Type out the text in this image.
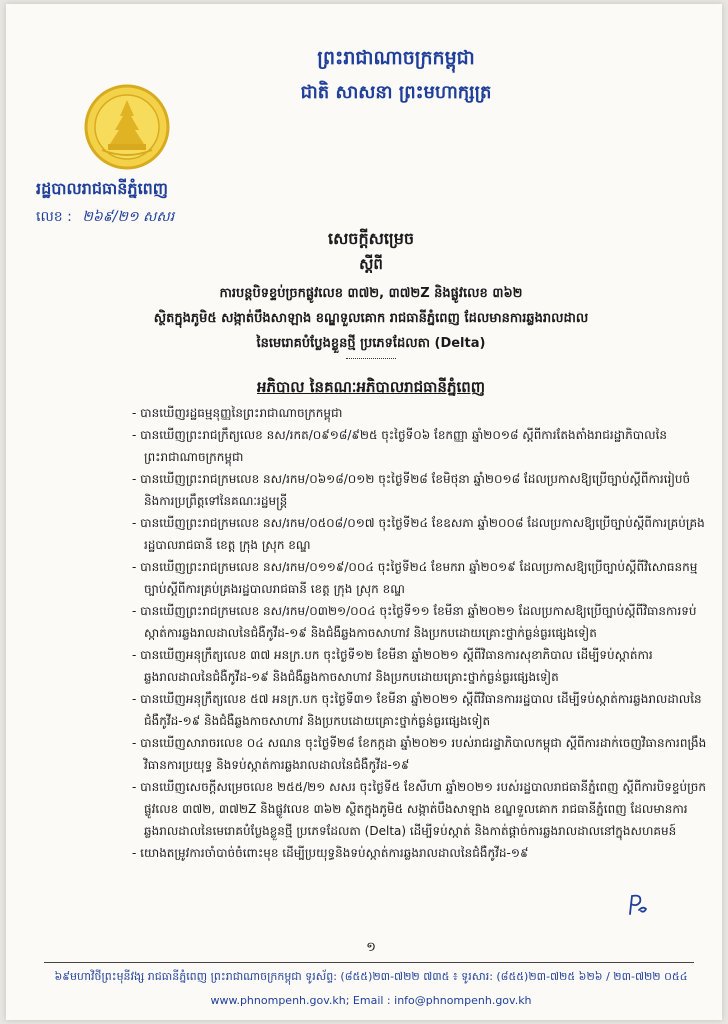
ព្រះរាជាណាចក្រកម្ពុជា
ជាតិ សាសនា ព្រះមហាក្សត្រ
រដ្ឋបាលរាជធានីភ្នំពេញ
លេខ : ២៦៩/២១ សសរ
សេចក្តីសម្រេច
ស្តីពី
ការបន្តបិទខ្ទប់ច្រកផ្លូវលេខ ៣៧២, ៣៧២Z និងផ្លូវលេខ ៣៦២
ស្ថិតក្នុងភូមិ៥ សង្កាត់បឹងសាឡាង ខណ្ឌទួលគោក រាជធានីភ្នំពេញ ដែលមានការឆ្លងរាលដាល
នៃមេរោគបំប្លែងខ្លួនថ្មី ប្រភេទដែលតា (Delta)
អភិបាល នៃគណៈអភិបាលរាជធានីភ្នំពេញ
- បានឃើញរដ្ឋធម្មនុញ្ញនៃព្រះរាជាណាចក្រកម្ពុជា
- បានឃើញព្រះរាជក្រឹត្យលេខ នស/រកត/០៩១៨/៩២៥ ចុះថ្ងៃទី០៦ ខែកញ្ញា ឆ្នាំ២០១៨ ស្តីពីការតែងតាំងរាជរដ្ឋាភិបាលនៃព្រះរាជាណាចក្រកម្ពុជា
- បានឃើញព្រះរាជក្រមលេខ នស/រកម/០៦១៨/០១២ ចុះថ្ងៃទី២៨ ខែមិថុនា ឆ្នាំ២០១៨ ដែលប្រកាសឱ្យប្រើច្បាប់ស្តីពីការរៀបចំ និងការប្រព្រឹត្តទៅនៃគណៈរដ្ឋមន្ត្រី
- បានឃើញព្រះរាជក្រមលេខ នស/រកម/០៥០៨/០១៧ ចុះថ្ងៃទី២៤ ខែឧសភា ឆ្នាំ២០០៨ ដែលប្រកាសឱ្យប្រើច្បាប់ស្តីពីការគ្រប់គ្រងរដ្ឋបាលរាជធានី ខេត្ត ក្រុង ស្រុក ខណ្ឌ
- បានឃើញព្រះរាជក្រមលេខ នស/រកម/០១១៩/០០៤ ចុះថ្ងៃទី២៤ ខែមករា ឆ្នាំ២០១៩ ដែលប្រកាសឱ្យប្រើច្បាប់ស្តីពីវិសោធនកម្មច្បាប់ស្តីពីការគ្រប់គ្រងរដ្ឋបាលរាជធានី ខេត្ត ក្រុង ស្រុក ខណ្ឌ
- បានឃើញព្រះរាជក្រមលេខ នស/រកម/០៣២១/០០៤ ចុះថ្ងៃទី១១ ខែមីនា ឆ្នាំ២០២១ ដែលប្រកាសឱ្យប្រើច្បាប់ស្តីពីវិធានការទប់ស្កាត់ការឆ្លងរាលដាលនៃជំងឺកូវីដ-១៩ និងជំងឺឆ្លងកាចសាហាវ និងប្រកបដោយគ្រោះថ្នាក់ធ្ងន់ធ្ងរផ្សេងទៀត
- បានឃើញអនុក្រឹត្យលេខ ៣៧ អនក្រ.បក ចុះថ្ងៃទី១២ ខែមីនា ឆ្នាំ២០២១ ស្តីពីវិធានការសុខាភិបាល ដើម្បីទប់ស្កាត់ការឆ្លងរាលដាលនៃជំងឺកូវីដ-១៩ និងជំងឺឆ្លងកាចសាហាវ និងប្រកបដោយគ្រោះថ្នាក់ធ្ងន់ធ្ងរផ្សេងទៀត
- បានឃើញអនុក្រឹត្យលេខ ៥៧ អនក្រ.បក ចុះថ្ងៃទី៣១ ខែមីនា ឆ្នាំ២០២១ ស្តីពីវិធានការរដ្ឋបាល ដើម្បីទប់ស្កាត់ការឆ្លងរាលដាលនៃជំងឺកូវីដ-១៩ និងជំងឺឆ្លងកាចសាហាវ និងប្រកបដោយគ្រោះថ្នាក់ធ្ងន់ធ្ងរផ្សេងទៀត
- បានឃើញសារាចរលេខ ០៤ សណន ចុះថ្ងៃទី២៨ ខែកក្កដា ឆ្នាំ២០២១ របស់រាជរដ្ឋាភិបាលកម្ពុជា ស្តីពីការដាក់ចេញវិធានការពង្រឹងវិធានការប្រយុទ្ធ និងទប់ស្កាត់ការឆ្លងរាលដាលនៃជំងឺកូវីដ-១៩
- បានឃើញសេចក្តីសម្រេចលេខ ២៥៥/២១ សសរ ចុះថ្ងៃទី៥ ខែសីហា ឆ្នាំ២០២១ របស់រដ្ឋបាលរាជធានីភ្នំពេញ ស្តីពីការបិទខ្ទប់ច្រកផ្លូវលេខ ៣៧២, ៣៧២Z និងផ្លូវលេខ ៣៦២ ស្ថិតក្នុងភូមិ៥ សង្កាត់បឹងសាឡាង ខណ្ឌទួលគោក រាជធានីភ្នំពេញ ដែលមានការឆ្លងរាលដាលនៃមេរោគបំប្លែងខ្លួនថ្មី ប្រភេទដែលតា (Delta) ដើម្បីទប់ស្កាត់ និងកាត់ផ្តាច់ការឆ្លងរាលដាលនៅក្នុងសហគមន៍
- យោងតម្រូវការចាំបាច់ចំពោះមុខ ដើម្បីប្រយុទ្ធនិងទប់ស្កាត់ការឆ្លងរាលដាលនៃជំងឺកូវីដ-១៩
១
៦៩មហាវិថីព្រះមុនីវង្ស រាជធានីភ្នំពេញ ព្រះរាជាណាចក្រកម្ពុជា ទូរស័ព្ទ: (៨៥៥)២៣-៧២២ ៧៣៥ ៖ ទូរសារ: (៨៥៥)២៣-៧២៥ ៦២៦ / ២៣-៧២២ ០៥៤
www.phnompenh.gov.kh; Email : info@phnompenh.gov.kh
